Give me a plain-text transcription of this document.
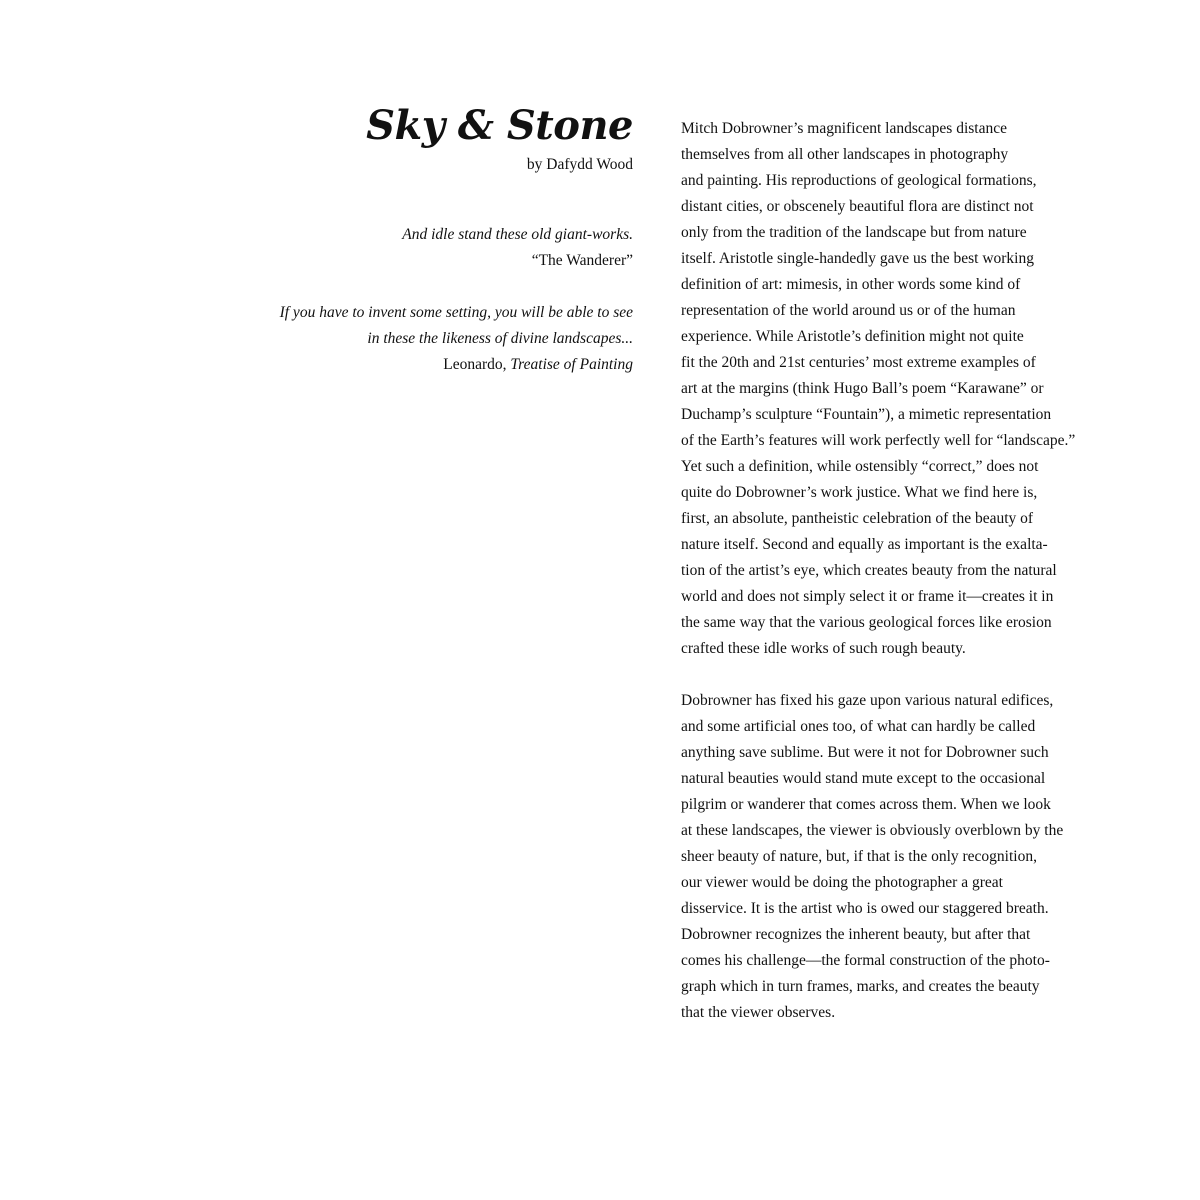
Sky & Stone

by Dafydd Wood

And idle stand these old giant-works.
“The Wanderer”
If you have to invent some setting, you will be able to see
in these the likeness of divine landscapes...
Leonardo, Treatise of Painting

Mitch Dobrowner’s magnificent landscapes distance
themselves from all other landscapes in photography
and painting. His reproductions of geological formations,
distant cities, or obscenely beautiful flora are distinct not
only from the tradition of the landscape but from nature
itself. Aristotle single-handedly gave us the best working
definition of art: mimesis, in other words some kind of
representation of the world around us or of the human
experience. While Aristotle’s definition might not quite
fit the 20th and 21st centuries’ most extreme examples of
art at the margins (think Hugo Ball’s poem “Karawane” or
Duchamp’s sculpture “Fountain”), a mimetic representation
of the Earth’s features will work perfectly well for “landscape.”
Yet such a definition, while ostensibly “correct,” does not
quite do Dobrowner’s work justice. What we find here is,
first, an absolute, pantheistic celebration of the beauty of
nature itself. Second and equally as important is the exalta-
tion of the artist’s eye, which creates beauty from the natural
world and does not simply select it or frame it—creates it in
the same way that the various geological forces like erosion
crafted these idle works of such rough beauty.

Dobrowner has fixed his gaze upon various natural edifices,
and some artificial ones too, of what can hardly be called
anything save sublime. But were it not for Dobrowner such
natural beauties would stand mute except to the occasional
pilgrim or wanderer that comes across them. When we look
at these landscapes, the viewer is obviously overblown by the
sheer beauty of nature, but, if that is the only recognition,
our viewer would be doing the photographer a great
disservice. It is the artist who is owed our staggered breath.
Dobrowner recognizes the inherent beauty, but after that
comes his challenge—the formal construction of the photo-
graph which in turn frames, marks, and creates the beauty
that the viewer observes.
